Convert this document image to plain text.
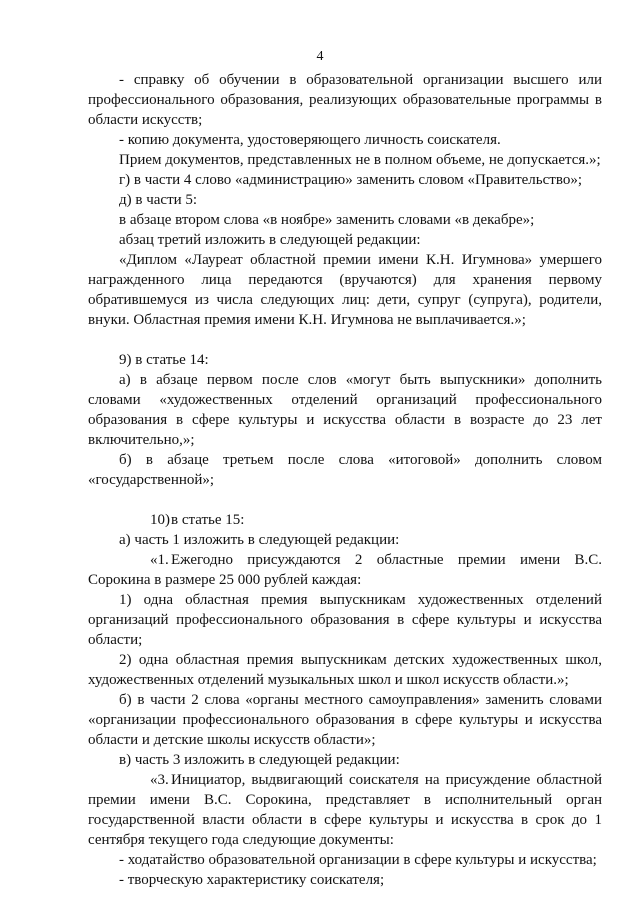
4

- справку об обучении в образовательной организации высшего или профессионального образования, реализующих образовательные программы в области искусств;

- копию документа, удостоверяющего личность соискателя.

Прием документов, представленных не в полном объеме, не допускается.»;

г) в части 4 слово «администрацию» заменить словом «Правительство»;

д) в части 5:

в абзаце втором слова «в ноябре» заменить словами «в декабре»;

абзац третий изложить в следующей редакции:

«Диплом «Лауреат областной премии имени К.Н. Игумнова» умершего награжденного лица передаются (вручаются) для хранения первому обратившемуся из числа следующих лиц: дети, супруг (супруга), родители, внуки. Областная премия имени К.Н. Игумнова не выплачивается.»;

9) в статье 14:

а) в абзаце первом после слов «могут быть выпускники» дополнить словами «художественных отделений организаций профессионального образования в сфере культуры и искусства области в возрасте до 23 лет включительно,»;

б) в абзаце третьем после слова «итоговой» дополнить словом «государственной»;

10)в статье 15:

а) часть 1 изложить в следующей редакции:

«1. Ежегодно присуждаются 2 областные премии имени В.С. Сорокина в размере 25 000 рублей каждая:

1) одна областная премия выпускникам художественных отделений организаций профессионального образования в сфере культуры и искусства области;

2) одна областная премия выпускникам детских художественных школ, художественных отделений музыкальных школ и школ искусств области.»;

б) в части 2 слова «органы местного самоуправления» заменить словами «организации профессионального образования в сфере культуры и искусства области и детские школы искусств области»;

в) часть 3 изложить в следующей редакции:

«3. Инициатор, выдвигающий соискателя на присуждение областной премии имени В.С. Сорокина, представляет в исполнительный орган государственной власти области в сфере культуры и искусства в срок до 1 сентября текущего года следующие документы:

- ходатайство образовательной организации в сфере культуры и искусства;

- творческую характеристику соискателя;
